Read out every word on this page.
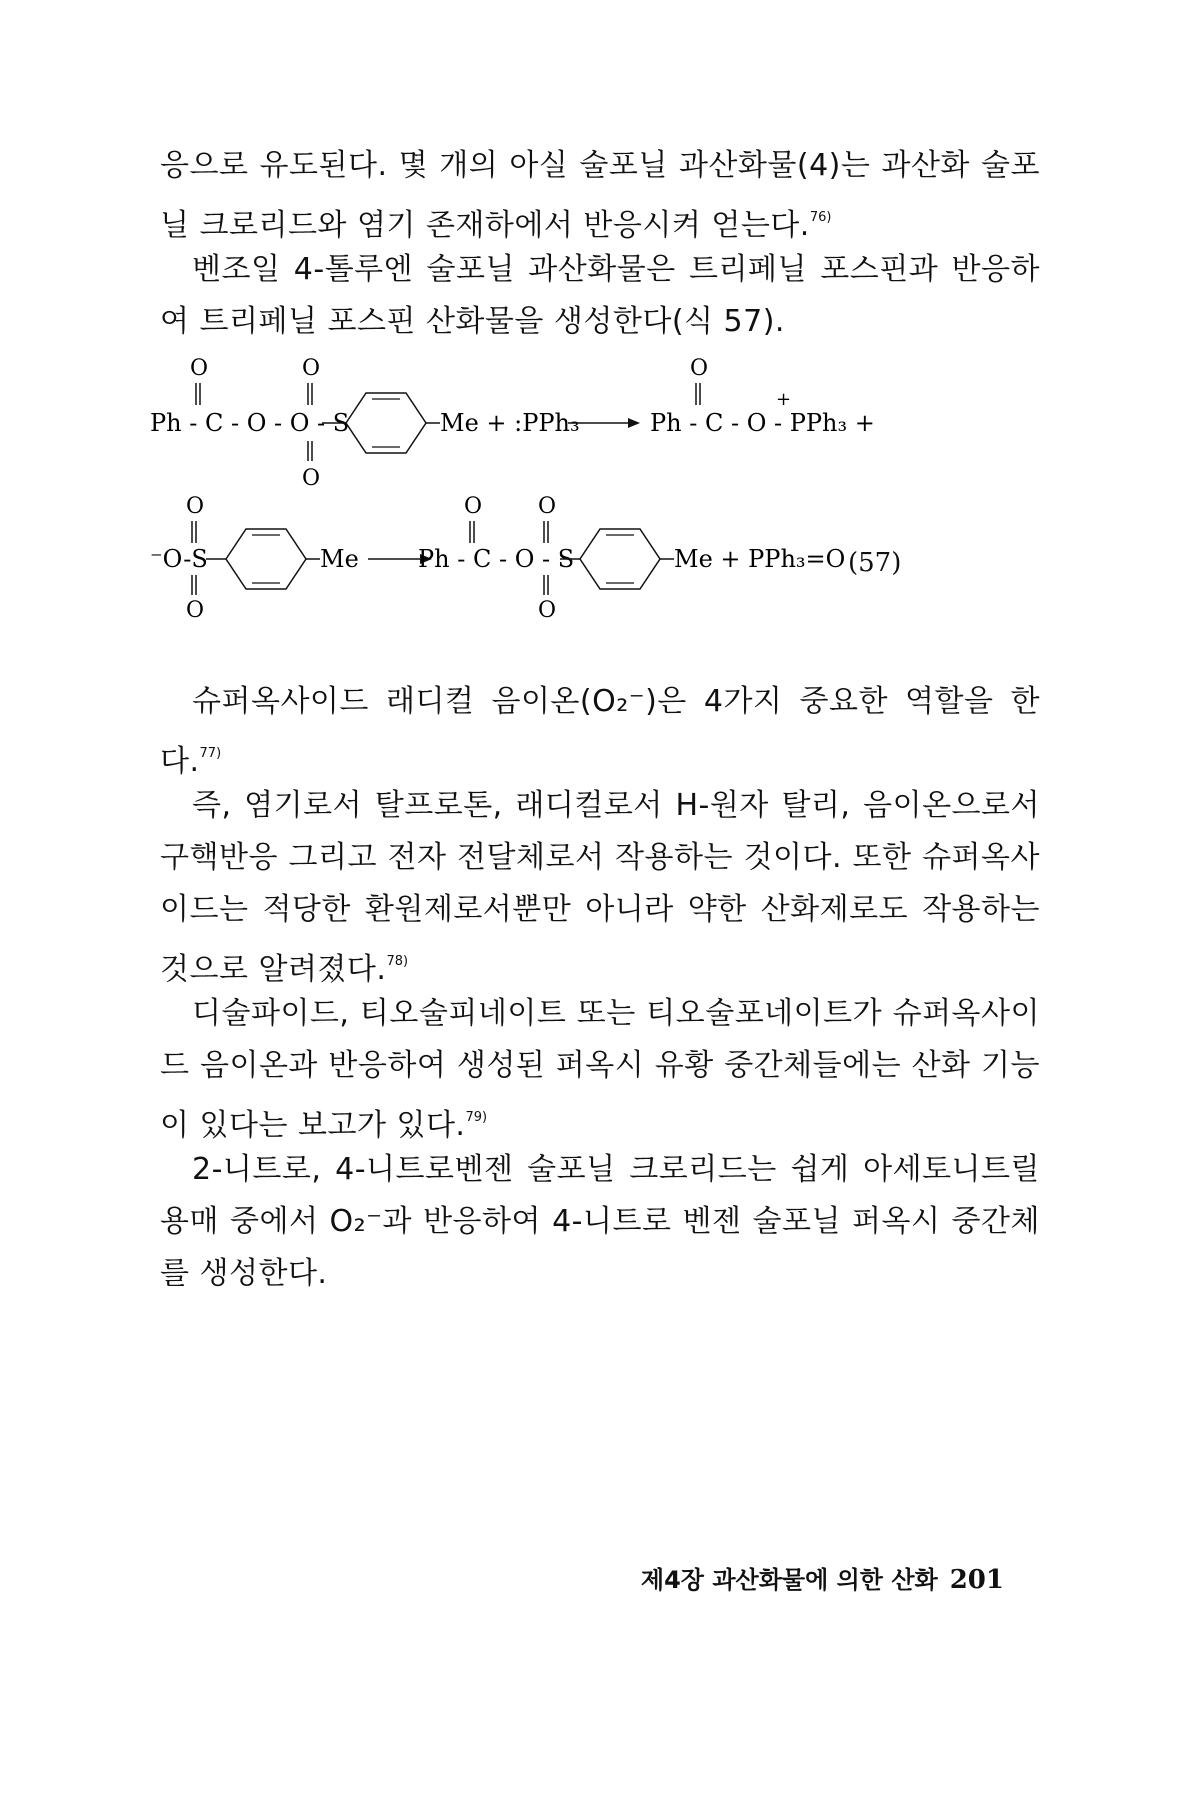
응으로 유도된다. 몇 개의 아실 술포닐 과산화물(4)는 과산화 술포닐 크로리드와 염기 존재하에서 반응시켜 얻는다.$^{76)}$
벤조일 4-톨루엔 술포닐 과산화물은 트리페닐 포스핀과 반응하여 트리페닐 포스핀 산화물을 생성한다(식 57).
Ph - C - O - O - S
O	O
O
Me + :PPh₃	Ph - C - O - PPh₃ +
O
+
⁻O-S
O
O
Me Ph - C - O - S
O	O
O
Me + PPh₃=O (57)
슈퍼옥사이드 래디컬 음이온(O₂⁻)은 4가지 중요한 역할을 한다.$^{77)}$
즉, 염기로서 탈프로톤, 래디컬로서 H-원자 탈리, 음이온으로서 구핵반응 그리고 전자 전달체로서 작용하는 것이다. 또한 슈퍼옥사이드는 적당한 환원제로서뿐만 아니라 약한 산화제로도 작용하는 것으로 알려졌다.$^{78)}$
디술파이드, 티오술피네이트 또는 티오술포네이트가 슈퍼옥사이드 음이온과 반응하여 생성된 퍼옥시 유황 중간체들에는 산화 기능이 있다는 보고가 있다.$^{79)}$
2-니트로, 4-니트로벤젠 술포닐 크로리드는 쉽게 아세토니트릴 용매 중에서 O₂⁻과 반응하여 4-니트로 벤젠 술포닐 퍼옥시 중간체를 생성한다.
제4장 과산화물에 의한 산화 201
